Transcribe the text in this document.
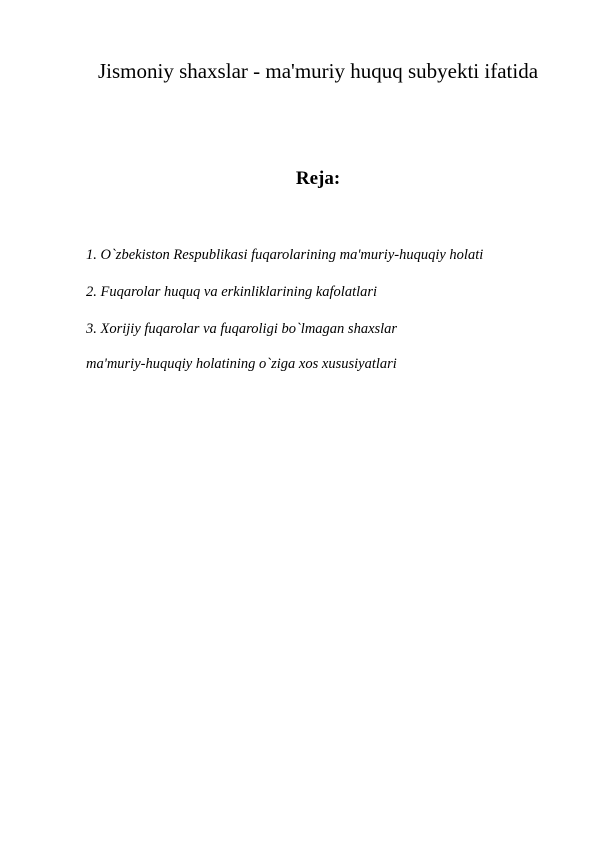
Jismoniy shaxslar - ma'muriy huquq subyekti ifatida
Reja:
1. O`zbekiston Respublikasi fuqarolarining ma'muriy-huquqiy holati
2. Fuqarolar huquq va erkinliklarining kafolatlari
3. Xorijiy fuqarolar va fuqaroligi bo`lmagan shaxslar
ma'muriy-huquqiy holatining o`ziga xos xususiyatlari
